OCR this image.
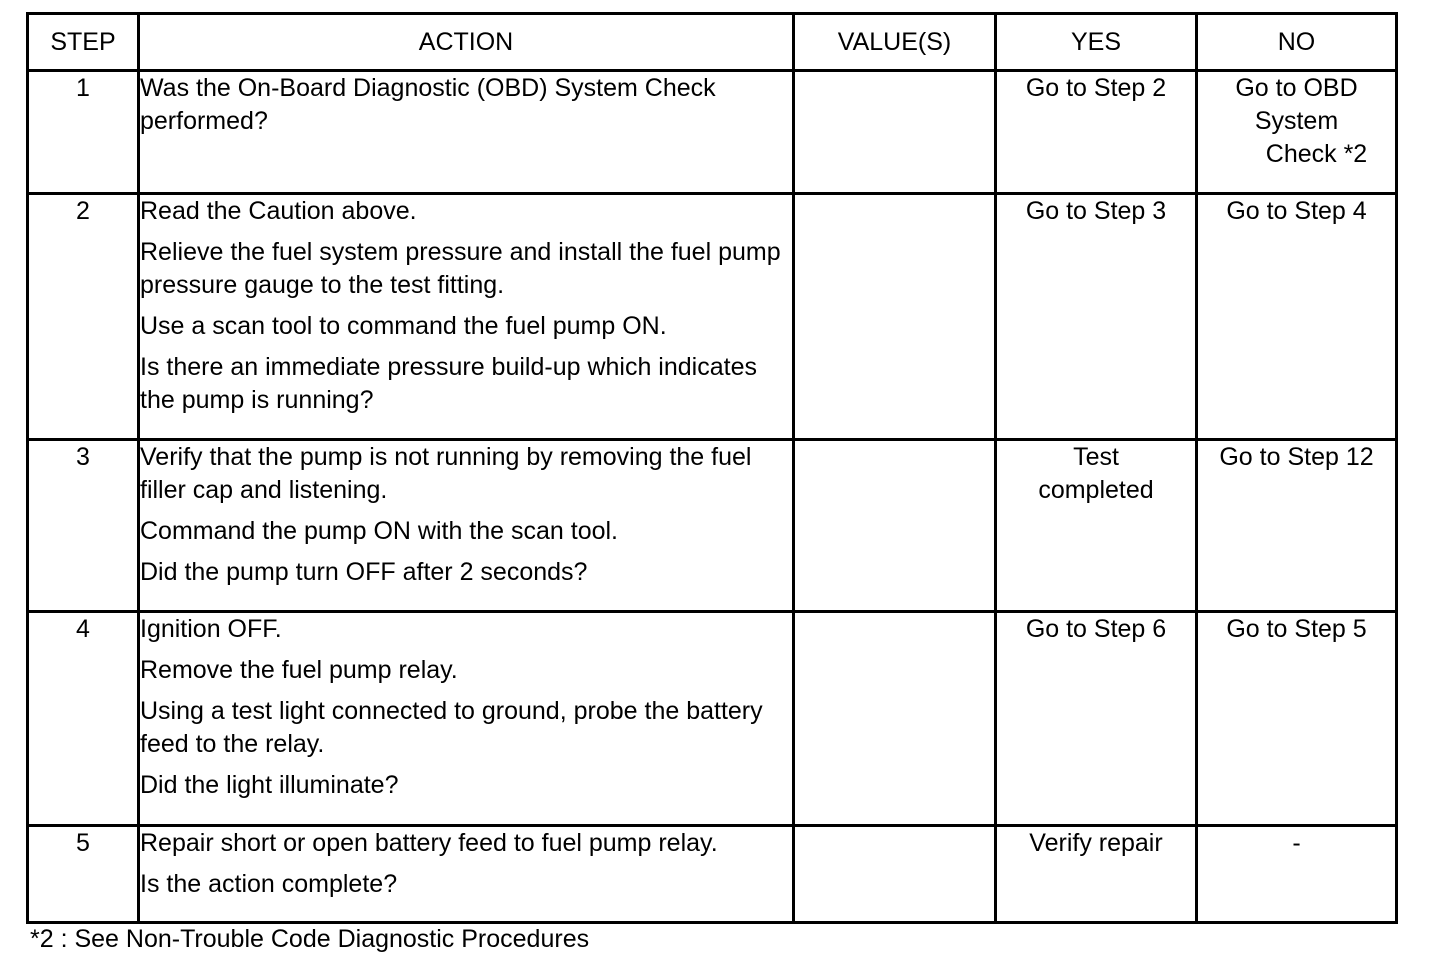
STEP	ACTION	VALUE(S)	YES	NO
1	Was the On-Board Diagnostic (OBD) System Check performed?		Go to Step 2	Go to OBD
System
Check *2

2	Read the Caution above.

Relieve the fuel system pressure and install the fuel pump pressure gauge to the test fitting.

Use a scan tool to command the fuel pump ON.

Is there an immediate pressure build-up which indicates the pump is running?		Go to Step 3	Go to Step 4

3	Verify that the pump is not running by removing the fuel filler cap and listening.

Command the pump ON with the scan tool.

Did the pump turn OFF after 2 seconds?		Test completed	Go to Step 12

4	Ignition OFF.

Remove the fuel pump relay.

Using a test light connected to ground, probe the battery feed to the relay.

Did the light illuminate?		Go to Step 6	Go to Step 5

5	Repair short or open battery feed to fuel pump relay.

Is the action complete?		Verify repair	-
*2 : See Non-Trouble Code Diagnostic Procedures
